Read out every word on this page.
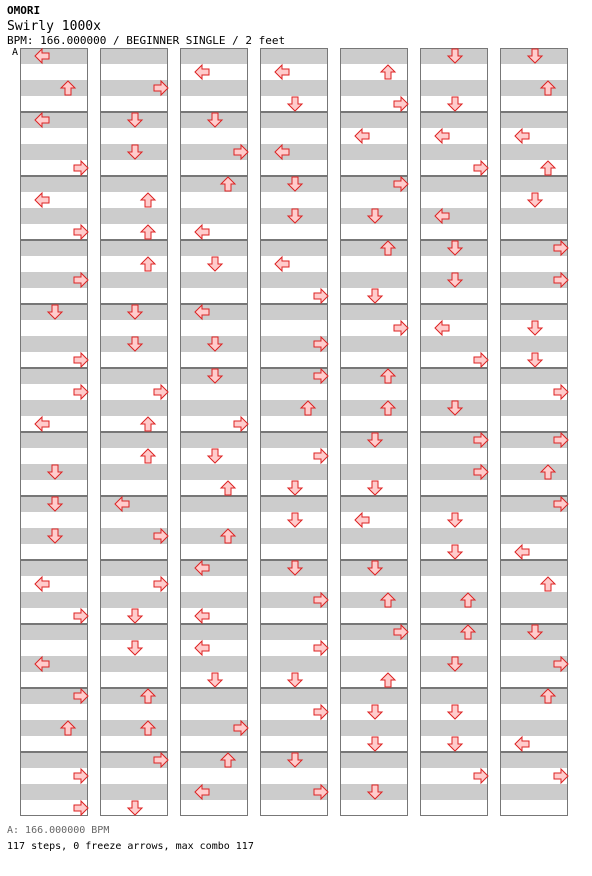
OMORI
Swirly 1000x
BPM: 166.000000 / BEGINNER SINGLE / 2 feet
A
A: 166.000000 BPM
117 steps, 0 freeze arrows, max combo 117
